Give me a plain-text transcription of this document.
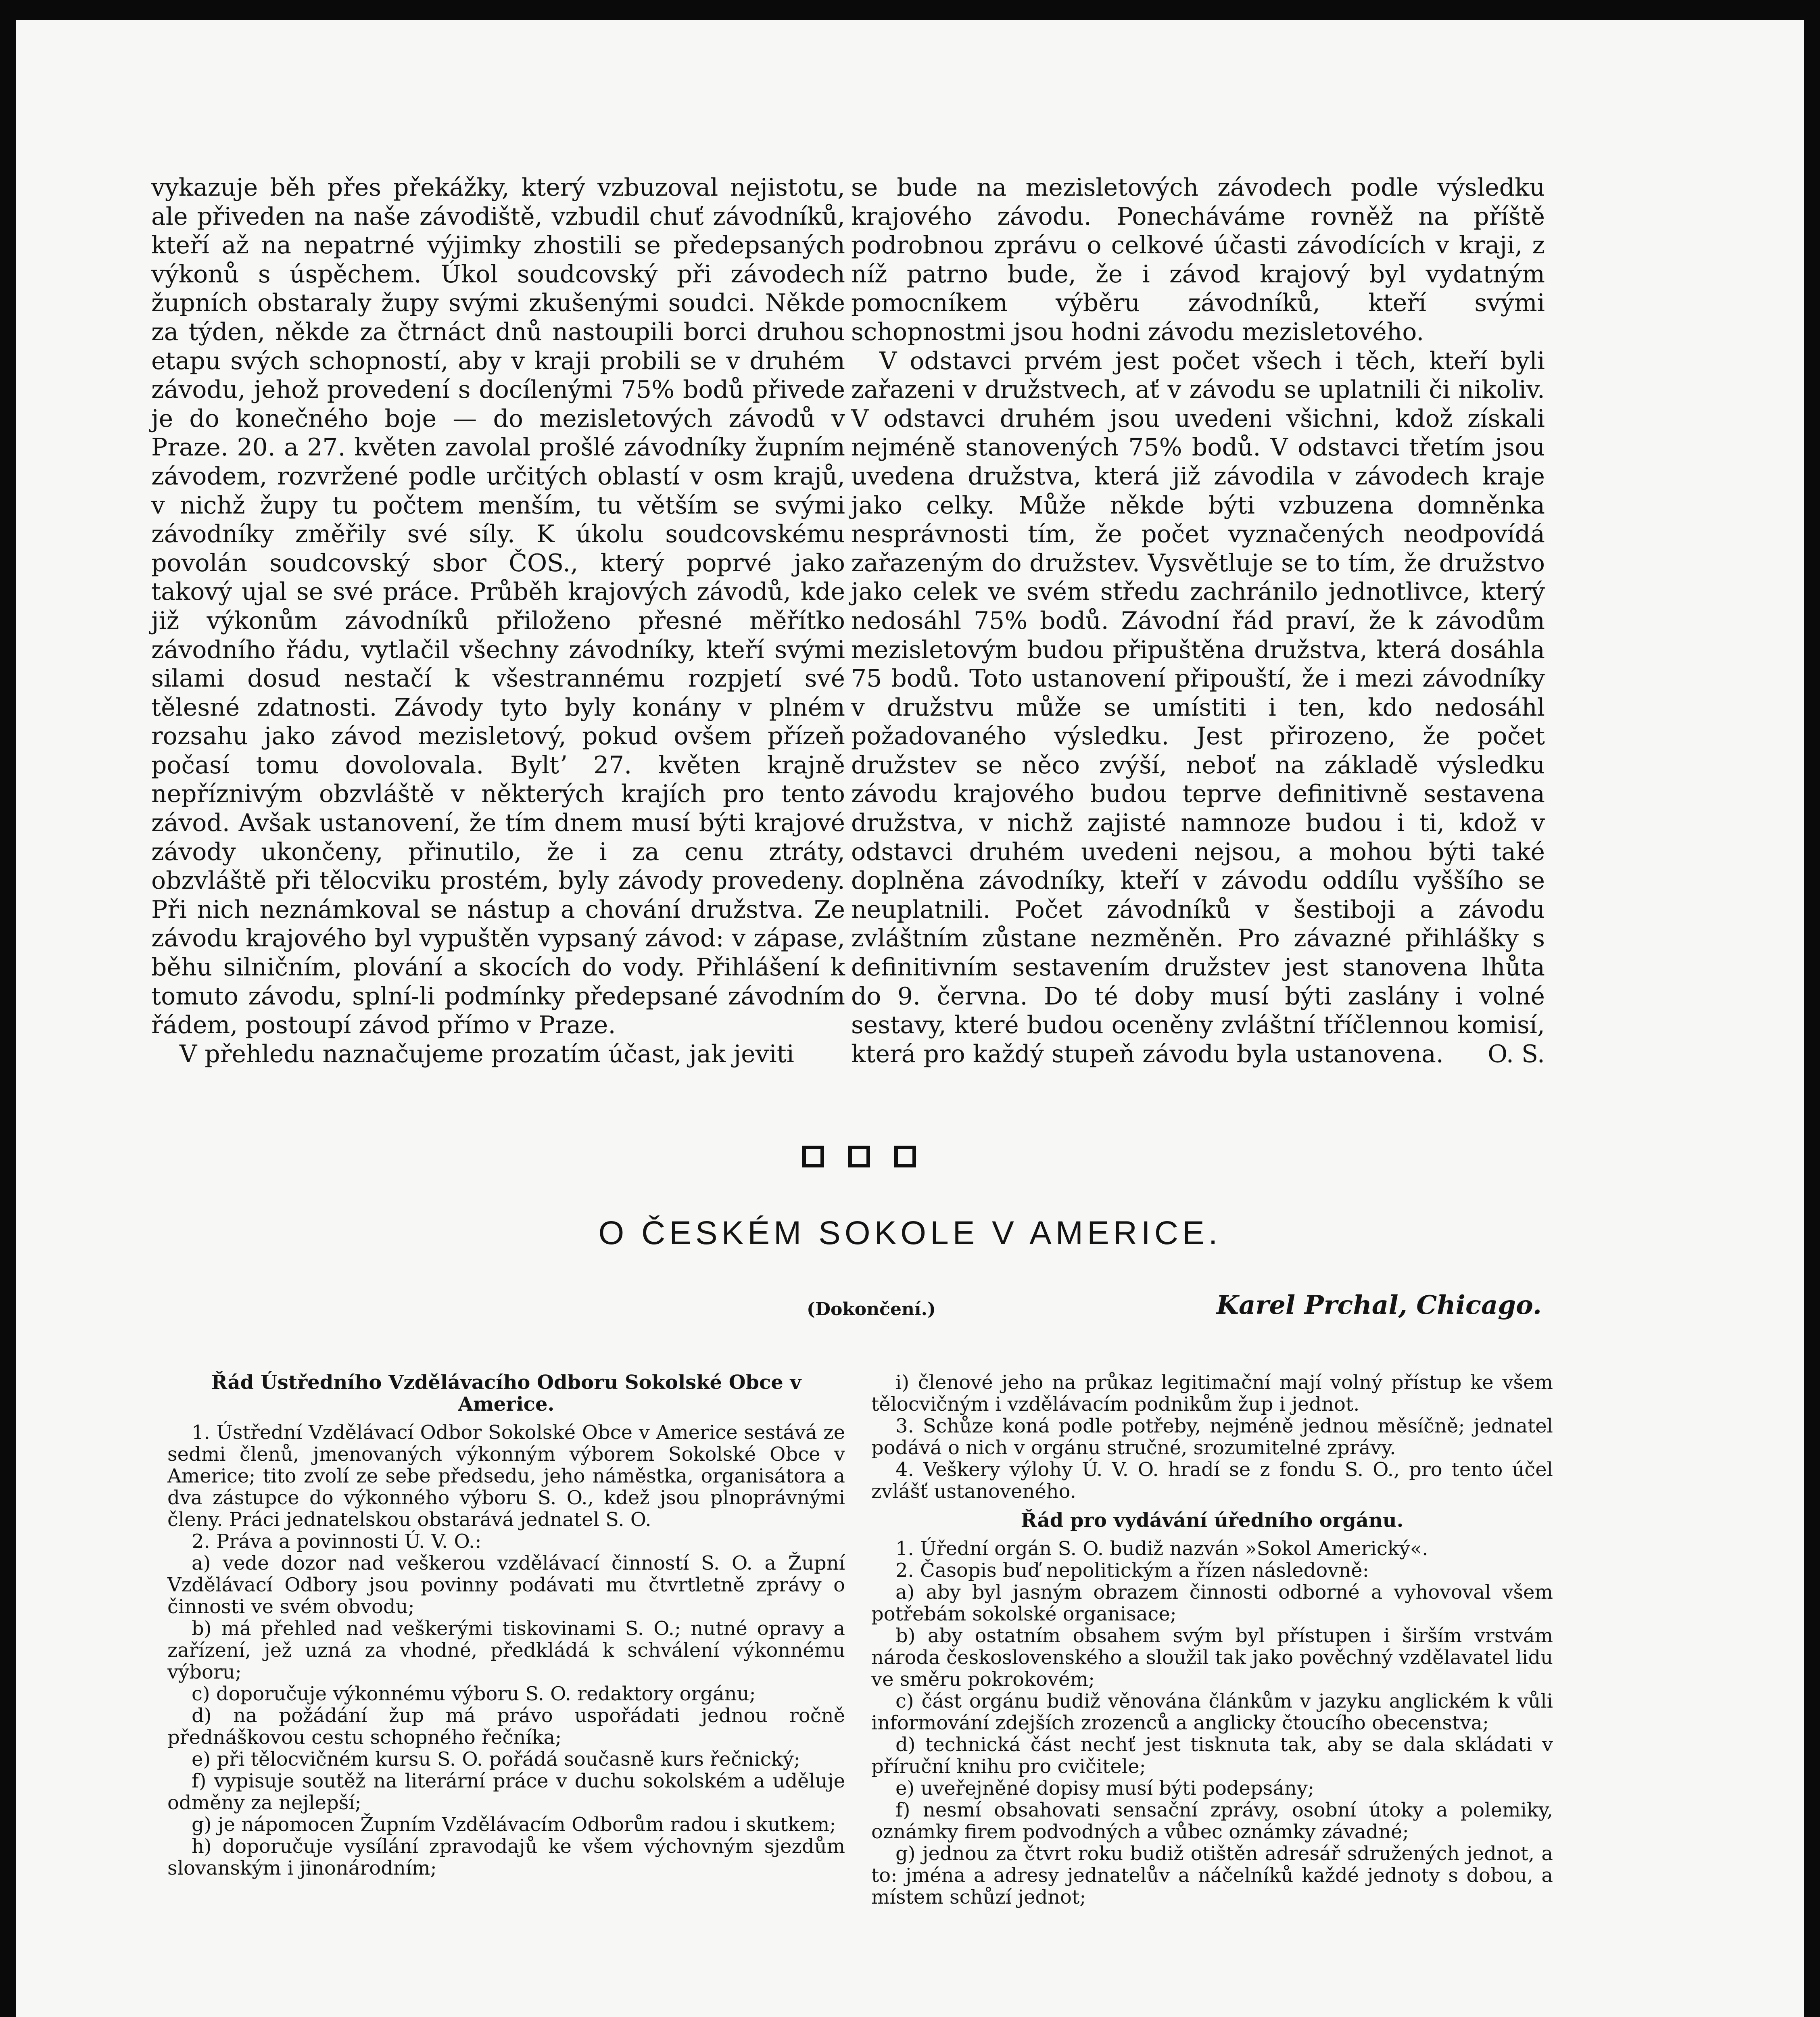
vykazuje běh přes překážky, který vzbuzoval nejistotu, ale přiveden na naše závodiště, vzbudil chuť závodníků, kteří až na nepatrné výjimky zhostili se předepsaných výkonů s úspěchem. Úkol soudcovský při závodech župních obstaraly župy svými zkušenými soudci. Někde za týden, někde za čtrnáct dnů nastoupili borci druhou etapu svých schopností, aby v kraji probili se v druhém závodu, jehož provedení s docílenými 75% bodů přivede je do konečného boje — do mezisletových závodů v Praze. 20. a 27. květen zavolal prošlé závodníky župním závodem, rozvržené podle určitých oblastí v osm krajů, v nichž župy tu počtem menším, tu větším se svými závodníky změřily své síly. K úkolu soudcovskému povolán soudcovský sbor ČOS., který poprvé jako takový ujal se své práce. Průběh krajových závodů, kde již výkonům závodníků přiloženo přesné měřítko závodního řádu, vytlačil všechny závodníky, kteří svými silami dosud nestačí k všestrannému rozpjetí své tělesné zdatnosti. Závody tyto byly konány v plném rozsahu jako závod mezisletový, pokud ovšem přízeň počasí tomu dovolovala. Byltʼ 27. květen krajně nepříznivým obzvláště v některých krajích pro tento závod. Avšak ustanovení, že tím dnem musí býti krajové závody ukončeny, přinutilo, že i za cenu ztráty, obzvláště při tělocviku prostém, byly závody provedeny. Při nich neznámkoval se nástup a chování družstva. Ze závodu krajového byl vypuštěn vypsaný závod: v zápase, běhu silničním, plování a skocích do vody. Přihlášení k tomuto závodu, splní-li podmínky předepsané závodním řádem, postoupí závod přímo v Praze.

V přehledu naznačujeme prozatím účast, jak jeviti

se bude na mezisletových závodech podle výsledku krajového závodu. Ponecháváme rovněž na příště podrobnou zprávu o celkové účasti závodících v kraji, z níž patrno bude, že i závod krajový byl vydatným pomocníkem výběru závodníků, kteří svými schopnostmi jsou hodni závodu mezisletového.

V odstavci prvém jest počet všech i těch, kteří byli zařazeni v družstvech, ať v závodu se uplatnili či nikoliv. V odstavci druhém jsou uvedeni všichni, kdož získali nejméně stanovených 75% bodů. V odstavci třetím jsou uvedena družstva, která již závodila v závodech kraje jako celky. Může někde býti vzbuzena domněnka nesprávnosti tím, že počet vyznačených neodpovídá zařazeným do družstev. Vysvětluje se to tím, že družstvo jako celek ve svém středu zachránilo jednotlivce, který nedosáhl 75% bodů. Závodní řád praví, že k závodům mezisletovým budou připuštěna družstva, která dosáhla 75 bodů. Toto ustanovení připouští, že i mezi závodníky v družstvu může se umístiti i ten, kdo nedosáhl požadovaného výsledku. Jest přirozeno, že počet družstev se něco zvýší, neboť na základě výsledku závodu krajového budou teprve definitivně sestavena družstva, v nichž zajisté namnoze budou i ti, kdož v odstavci druhém uvedeni nejsou, a mohou býti také doplněna závodníky, kteří v závodu oddílu vyššího se neuplatnili. Počet závodníků v šestiboji a závodu zvláštním zůstane nezměněn. Pro závazné přihlášky s definitivním sestavením družstev jest stanovena lhůta do 9. června. Do té doby musí býti zaslány i volné sestavy, které budou oceněny zvláštní tříčlennou komisí, která pro každý stupeň závodu byla ustanovena.	O. S.

O ČESKÉM SOKOLE V AMERICE.
(Dokončení.)	Karel Prchal, Chicago.
Řád Ústředního Vzdělávacího Odboru Sokolské Obce v Americe.

1. Ústřední Vzdělávací Odbor Sokolské Obce v Americe sestává ze sedmi členů, jmenovaných výkonným výborem Sokolské Obce v Americe; tito zvolí ze sebe předsedu, jeho náměstka, organisátora a dva zástupce do výkonného výboru S. O., kdež jsou plnoprávnými členy. Práci jednatelskou obstarává jednatel S. O.

2. Práva a povinnosti Ú. V. O.:

a) vede dozor nad veškerou vzdělávací činností S. O. a Župní Vzdělávací Odbory jsou povinny podávati mu čtvrtletně zprávy o činnosti ve svém obvodu;

b) má přehled nad veškerými tiskovinami S. O.; nutné opravy a zařízení, jež uzná za vhodné, předkládá k schválení výkonnému výboru;

c) doporučuje výkonnému výboru S. O. redaktory orgánu;

d) na požádání žup má právo uspořádati jednou ročně přednáškovou cestu schopného řečníka;

e) při tělocvičném kursu S. O. pořádá současně kurs řečnický;

f) vypisuje soutěž na literární práce v duchu sokolském a uděluje odměny za nejlepší;

g) je nápomocen Župním Vzdělávacím Odborům radou i skutkem;

h) doporučuje vysílání zpravodajů ke všem výchovným sjezdům slovanským i jinonárodním;

i) členové jeho na průkaz legitimační mají volný přístup ke všem tělocvičným i vzdělávacím podnikům žup i jednot.

3. Schůze koná podle potřeby, nejméně jednou měsíčně; jednatel podává o nich v orgánu stručné, srozumitelné zprávy.

4. Veškery výlohy Ú. V. O. hradí se z fondu S. O., pro tento účel zvlášť ustanoveného.

Řád pro vydávání úředního orgánu.

1. Úřední orgán S. O. budiž nazván »Sokol Americký«.

2. Časopis buď nepolitickým a řízen následovně:

a) aby byl jasným obrazem činnosti odborné a vyhovoval všem potřebám sokolské organisace;

b) aby ostatním obsahem svým byl přístupen i širším vrstvám národa československého a sloužil tak jako pověchný vzdělavatel lidu ve směru pokrokovém;

c) část orgánu budiž věnována článkům v jazyku anglickém k vůli informování zdejších zrozenců a anglicky čtoucího obecenstva;

d) technická část nechť jest tisknuta tak, aby se dala skládati v příruční knihu pro cvičitele;

e) uveřejněné dopisy musí býti podepsány;

f) nesmí obsahovati sensační zprávy, osobní útoky a polemiky, oznámky firem podvodných a vůbec oznámky závadné;

g) jednou za čtvrt roku budiž otištěn adresář sdružených jednot, a to: jména a adresy jednatelův a náčelníků každé jednoty s dobou, a místem schůzí jednot;
